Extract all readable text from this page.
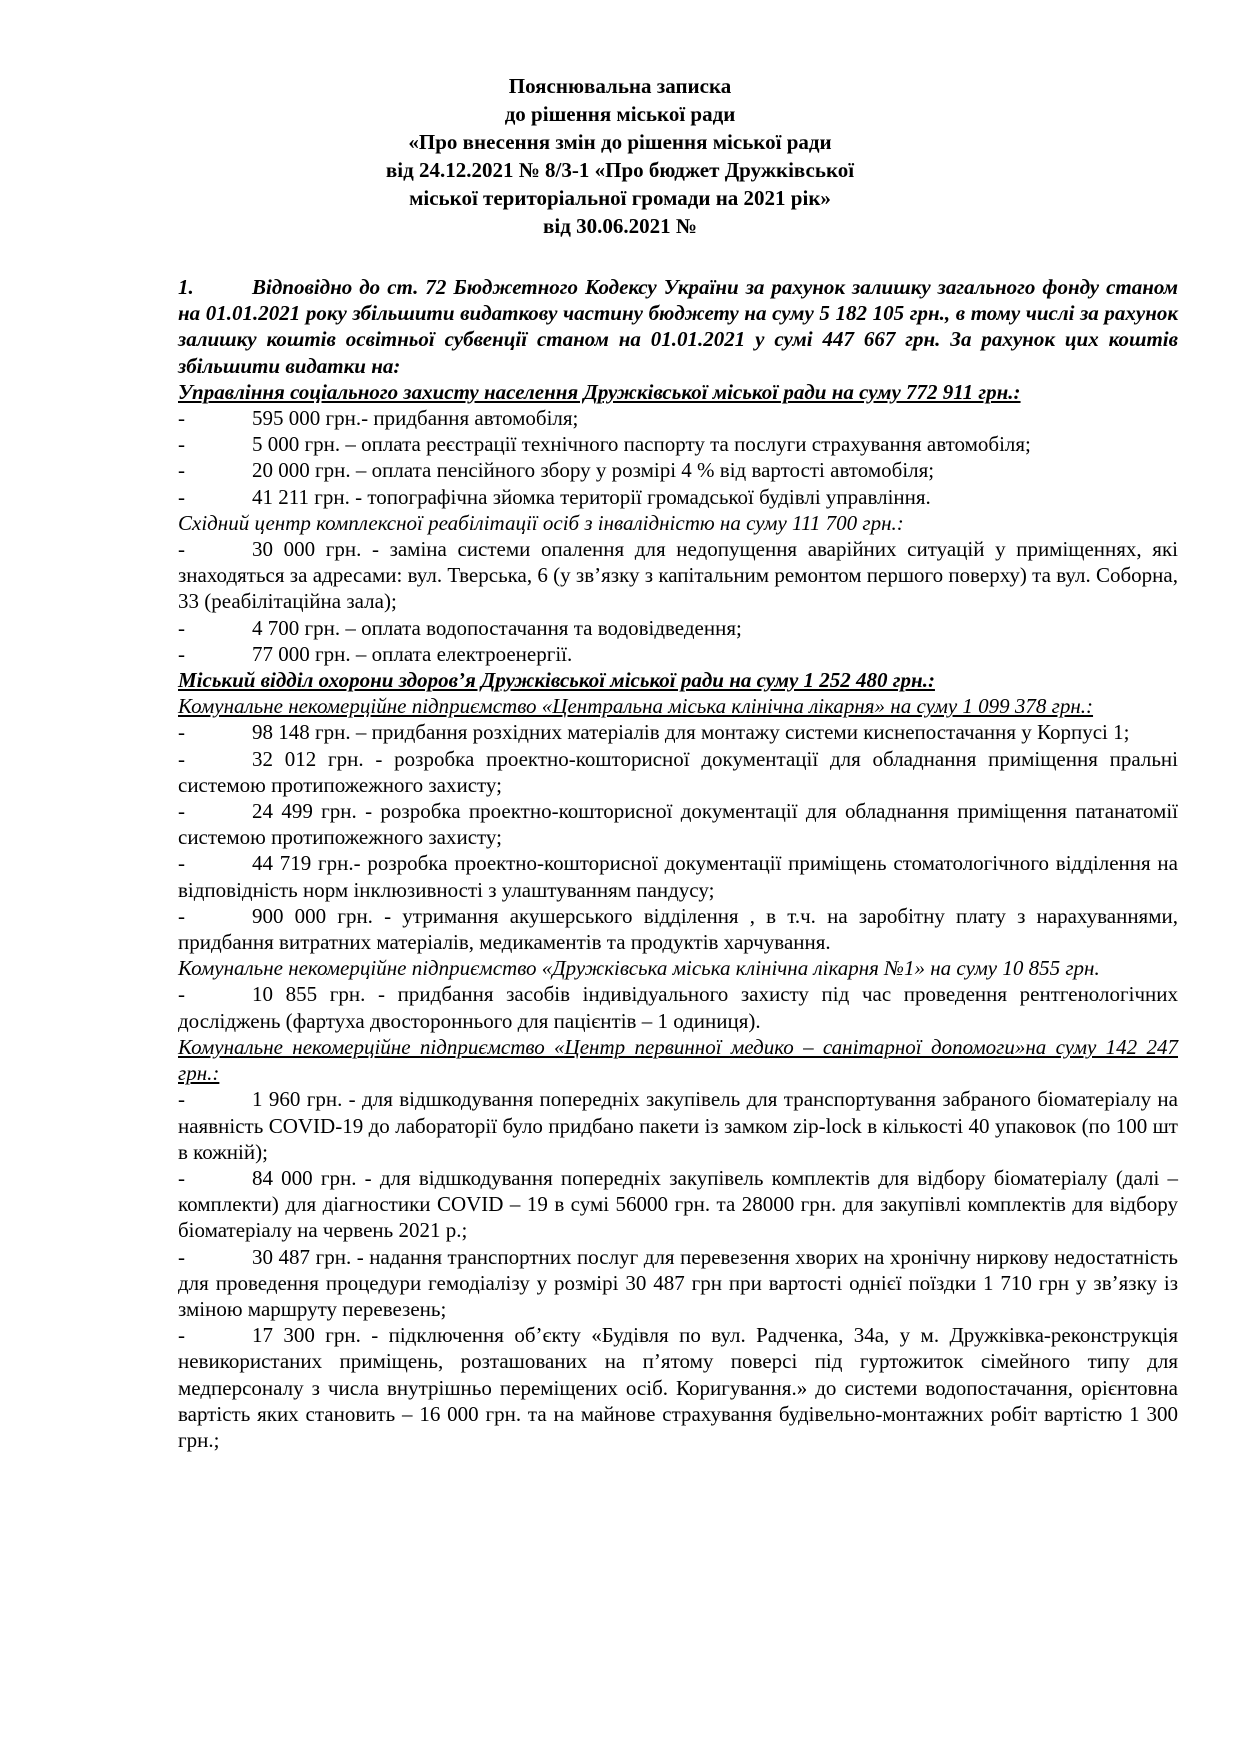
Пояснювальна записка
до рішення міської ради
«Про внесення змін до рішення міської ради
від 24.12.2021 № 8/3-1 «Про бюджет Дружківської
міської територіальної громади на 2021 рік»
від 30.06.2021 №

1.	Відповідно до ст. 72 Бюджетного Кодексу України за рахунок залишку загального фонду станом на 01.01.2021 року збільшити видаткову частину бюджету на суму 5 182 105 грн., в тому числі за рахунок залишку коштів освітньої субвенції станом на 01.01.2021 у сумі 447 667 грн. За рахунок цих коштів збільшити видатки на:

Управління соціального захисту населення Дружківської міської ради на суму 772 911 грн.:

-	595 000 грн.- придбання автомобіля;

-	5 000 грн. – оплата реєстрації технічного паспорту та послуги страхування автомобіля;

-	20 000 грн. – оплата пенсійного збору у розмірі 4 % від вартості автомобіля;

-	41 211 грн. - топографічна зйомка території громадської будівлі управління.

Східний центр комплексної реабілітації осіб з інвалідністю на суму 111 700 грн.:

-	30 000 грн. - заміна системи опалення для недопущення аварійних ситуацій у приміщеннях, які знаходяться за адресами: вул. Тверська, 6 (у зв’язку з капітальним ремонтом першого поверху) та вул. Соборна, 33 (реабілітаційна зала);

-	4 700 грн. – оплата водопостачання та водовідведення;

-	77 000 грн. – оплата електроенергії.

Міський відділ охорони здоров’я Дружківської міської ради на суму 1 252 480 грн.:

Комунальне некомерційне підприємство «Центральна міська клінічна лікарня» на суму 1 099 378 грн.:

-	98 148 грн. – придбання розхідних матеріалів для монтажу системи киснепостачання у Корпусі 1;

-	32 012 грн. - розробка проектно-кошторисної документації для обладнання приміщення пральні системою протипожежного захисту;

-	24 499 грн. - розробка проектно-кошторисної документації для обладнання приміщення патанатомії системою протипожежного захисту;

-	44 719 грн.- розробка проектно-кошторисної документації приміщень стоматологічного відділення на відповідність норм інклюзивності з улаштуванням пандусу;

-	900 000 грн. - утримання акушерського відділення , в т.ч. на заробітну плату з нарахуваннями, придбання витратних матеріалів, медикаментів та продуктів харчування.

Комунальне некомерційне підприємство «Дружківська міська клінічна лікарня №1» на суму 10 855 грн.

-	10 855 грн. - придбання засобів індивідуального захисту під час проведення рентгенологічних досліджень (фартуха двостороннього для пацієнтів – 1 одиниця).

Комунальне некомерційне підприємство «Центр первинної медико – санітарної допомоги»на суму 142 247 грн.:

-	1 960 грн. - для відшкодування попередніх закупівель для транспортування забраного біоматеріалу на наявність COVID-19 до лабораторії було придбано пакети із замком zip-lock в кількості 40 упаковок (по 100 шт в кожній);

-	84 000 грн. - для відшкодування попередніх закупівель комплектів для відбору біоматеріалу (далі – комплекти) для діагностики COVID – 19 в сумі 56000 грн. та 28000 грн. для закупівлі комплектів для відбору біоматеріалу на червень 2021 р.;

-	30 487 грн. - надання транспортних послуг для перевезення хворих на хронічну ниркову недостатність для проведення процедури гемодіалізу у розмірі 30 487 грн при вартості однієї поїздки 1 710 грн у зв’язку із зміною маршруту перевезень;

-	17 300 грн. - підключення об’єкту «Будівля по вул. Радченка, 34а, у м. Дружківка-реконструкція невикористаних приміщень, розташованих на п’ятому поверсі під гуртожиток сімейного типу для медперсоналу з числа внутрішньо переміщених осіб. Коригування.» до системи водопостачання, орієнтовна вартість яких становить – 16 000 грн. та на майнове страхування будівельно-монтажних робіт вартістю 1 300 грн.;
